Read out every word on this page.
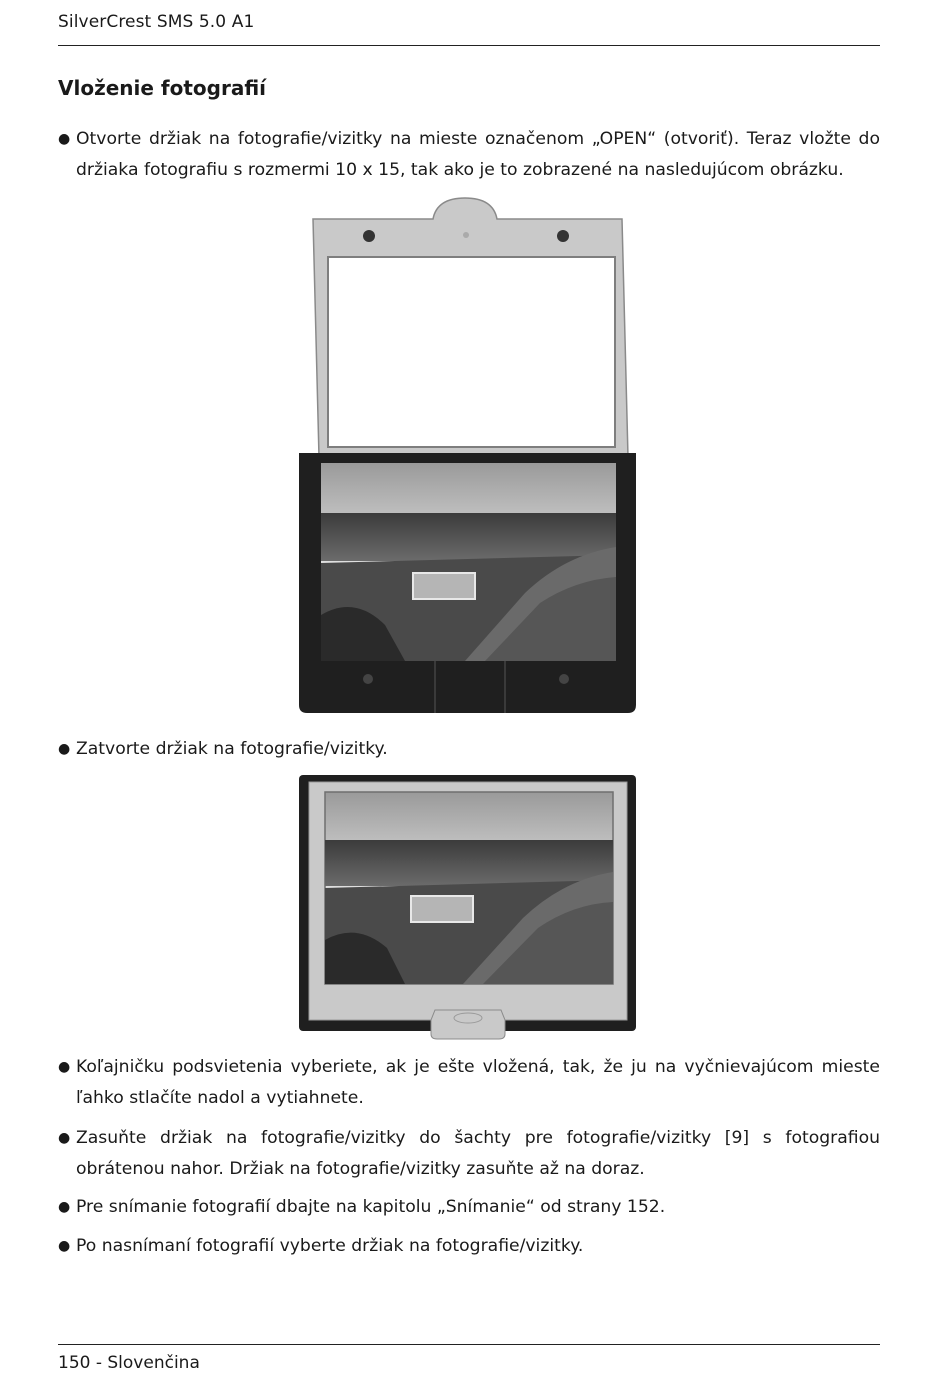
SilverCrest SMS 5.0 A1
Vloženie fotografií
● Otvorte držiak na fotografie/vizitky na mieste označenom „OPEN“ (otvoriť). Teraz vložte do držiaka fotografiu s rozmermi 10 x 15, tak ako je to zobrazené na nasledujúcom obrázku.
● Zatvorte držiak na fotografie/vizitky.
● Koľajničku podsvietenia vyberiete, ak je ešte vložená, tak, že ju na vyčnievajúcom mieste ľahko stlačíte nadol a vytiahnete.
● Zasuňte držiak na fotografie/vizitky do šachty pre fotografie/vizitky [9] s fotografiou obrátenou nahor. Držiak na fotografie/vizitky zasuňte až na doraz.
● Pre snímanie fotografií dbajte na kapitolu „Snímanie“ od strany 152.
● Po nasnímaní fotografií vyberte držiak na fotografie/vizitky.
150 - Slovenčina
